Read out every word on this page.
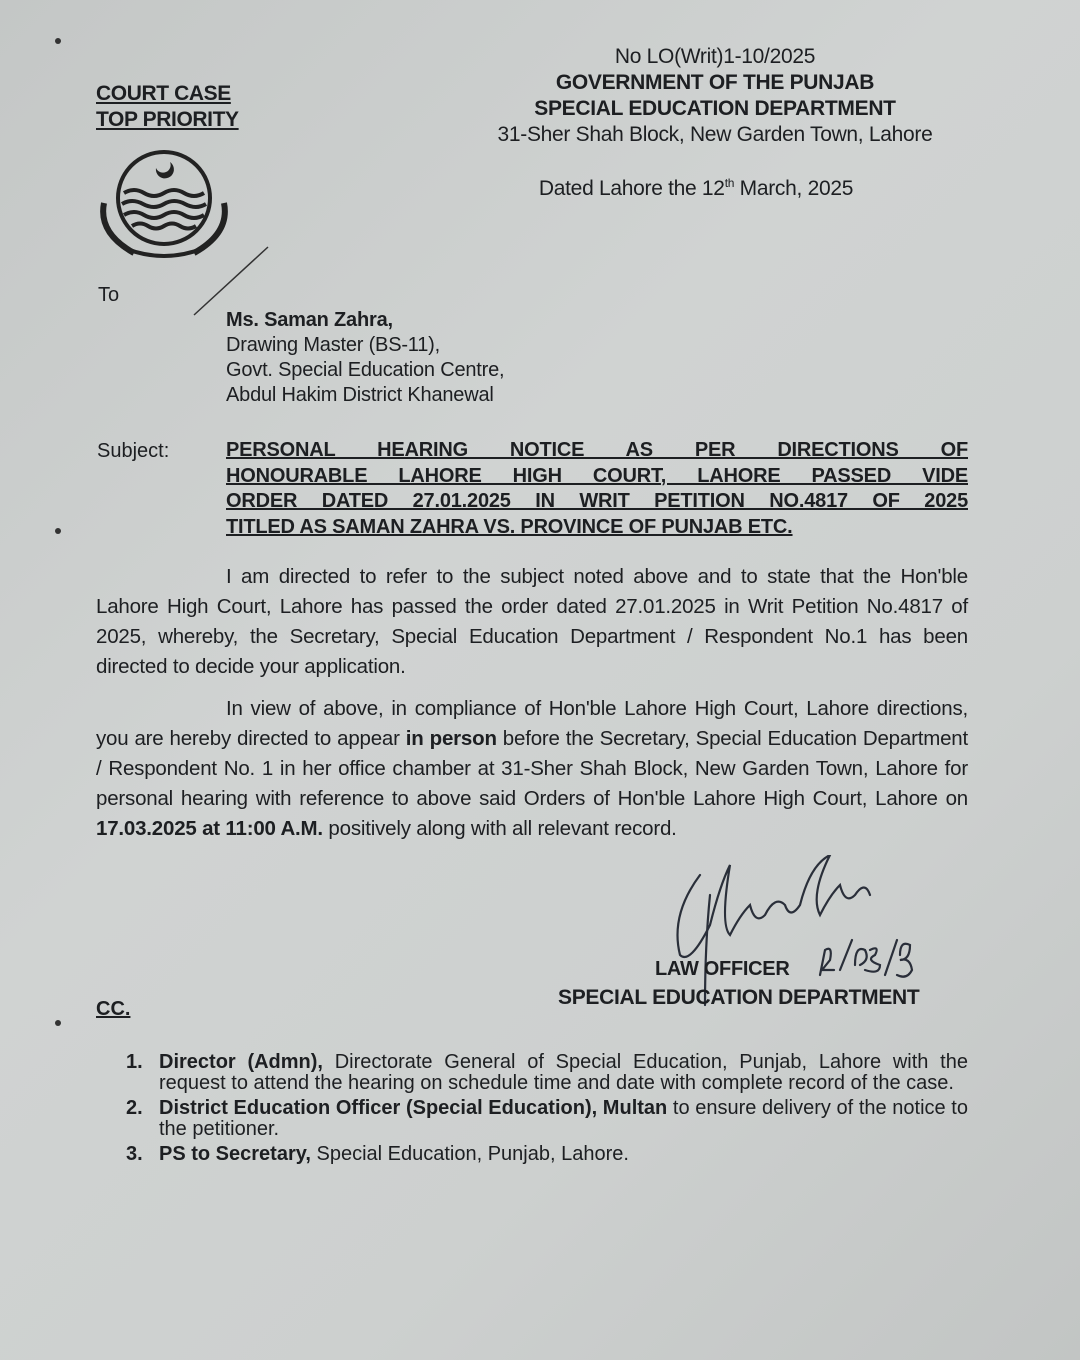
No LO(Writ)1-10/2025
GOVERNMENT OF THE PUNJAB
SPECIAL EDUCATION DEPARTMENT
31-Sher Shah Block, New Garden Town, Lahore
Dated Lahore the 12th March, 2025
COURT CASE
TOP PRIORITY
To
Ms. Saman Zahra,
Drawing Master (BS-11),
Govt. Special Education Centre,
Abdul Hakim District Khanewal
Subject:	PERSONAL HEARING NOTICE AS PER DIRECTIONS OF
HONOURABLE LAHORE HIGH COURT, LAHORE PASSED VIDE
ORDER DATED 27.01.2025 IN WRIT PETITION NO.4817 OF 2025
TITLED AS SAMAN ZAHRA VS. PROVINCE OF PUNJAB ETC.
I am directed to refer to the subject noted above and to state that the Hon'ble Lahore High Court, Lahore has passed the order dated 27.01.2025 in Writ Petition No.4817 of 2025, whereby, the Secretary, Special Education Department / Respondent No.1 has been directed to decide your application.
In view of above, in compliance of Hon'ble Lahore High Court, Lahore directions, you are hereby directed to appear in person before the Secretary, Special Education Department / Respondent No. 1 in her office chamber at 31-Sher Shah Block, New Garden Town, Lahore for personal hearing with reference to above said Orders of Hon'ble Lahore High Court, Lahore on 17.03.2025 at 11:00 A.M. positively along with all relevant record.
LAW OFFICER
SPECIAL EDUCATION DEPARTMENT
CC.
1. Director (Admn), Directorate General of Special Education, Punjab, Lahore with the request to attend the hearing on schedule time and date with complete record of the case.
2. District Education Officer (Special Education), Multan to ensure delivery of the notice to the petitioner.
3. PS to Secretary, Special Education, Punjab, Lahore.
